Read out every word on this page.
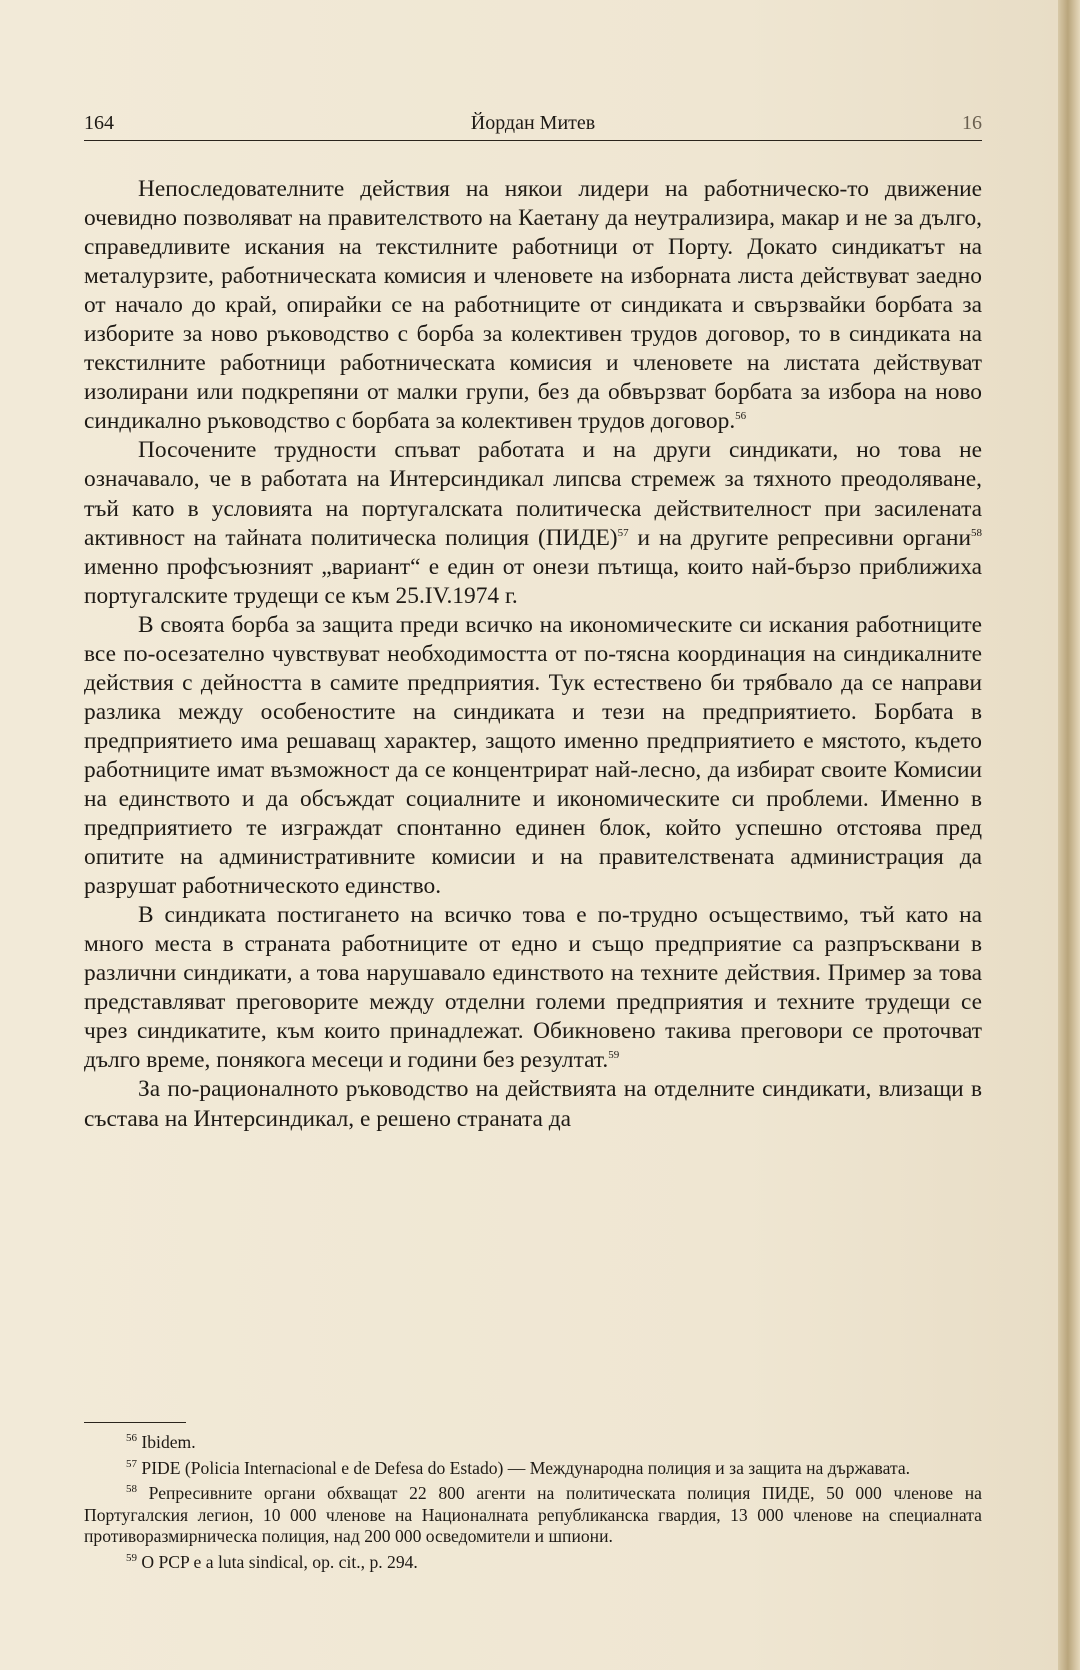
164	Йордан Митев	16

Непоследователните действия на някои лидери на работническо-то движение очевидно позволяват на правителството на Каетану да неутрализира, макар и не за дълго, справедливите искания на текстилните работници от Порту. Докато синдикатът на металурзите, работническата комисия и членовете на изборната листа действуват заедно от начало до край, опирайки се на работниците от синдиката и свързвайки борбата за изборите за ново ръководство с борба за колективен трудов договор, то в синдиката на текстилните работници работническата комисия и членовете на листата действуват изолирани или подкрепяни от малки групи, без да обвързват борбата за избора на ново синдикално ръководство с борбата за колективен трудов договор.$^{56}$

Посочените трудности спъват работата и на други синдикати, но това не означавало, че в работата на Интерсиндикал липсва стремеж за тяхното преодоляване, тъй като в условията на португалската политическа действителност при засилената активност на тайната политическа полиция (ПИДЕ)$^{57}$ и на другите репресивни органи$^{58}$ именно профсъюзният „вариант“ е един от онези пътища, които най-бързо приближиха португалските трудещи се към 25.IV.1974 г.

В своята борба за защита преди всичко на икономическите си искания работниците все по-осезателно чувствуват необходимостта от по-тясна координация на синдикалните действия с дейността в самите предприятия. Тук естествено би трябвало да се направи разлика между особеностите на синдиката и тези на предприятието. Борбата в предприятието има решаващ характер, защото именно предприятието е мястото, където работниците имат възможност да се концентрират най-лесно, да избират своите Комисии на единството и да обсъждат социалните и икономическите си проблеми. Именно в предприятието те изграждат спонтанно единен блок, който успешно отстоява пред опитите на административните комисии и на правителствената администрация да разрушат работническото единство.

В синдиката постигането на всичко това е по-трудно осъществимо, тъй като на много места в страната работниците от едно и също предприятие са разпръсквани в различни синдикати, а това нарушавало единството на техните действия. Пример за това представляват преговорите между отделни големи предприятия и техните трудещи се чрез синдикатите, към които принадлежат. Обикновено такива преговори се проточват дълго време, понякога месеци и години без резултат.$^{59}$

За по-рационалното ръководство на действията на отделните синдикати, влизащи в състава на Интерсиндикал, е решено страната да

$^{56}$ Ibidem.

$^{57}$ PIDE (Policia Internacional e de Defesa do Estado) — Международна полиция и за защита на държавата.

$^{58}$ Репресивните органи обхващат 22 800 агенти на политическата полиция ПИДЕ, 50 000 членове на Португалския легион, 10 000 членове на Националната републиканска гвардия, 13 000 членове на специалната противоразмирническа полиция, над 200 000 осведомители и шпиони.

$^{59}$ O PCP e a luta sindical, op. cit., p. 294.
